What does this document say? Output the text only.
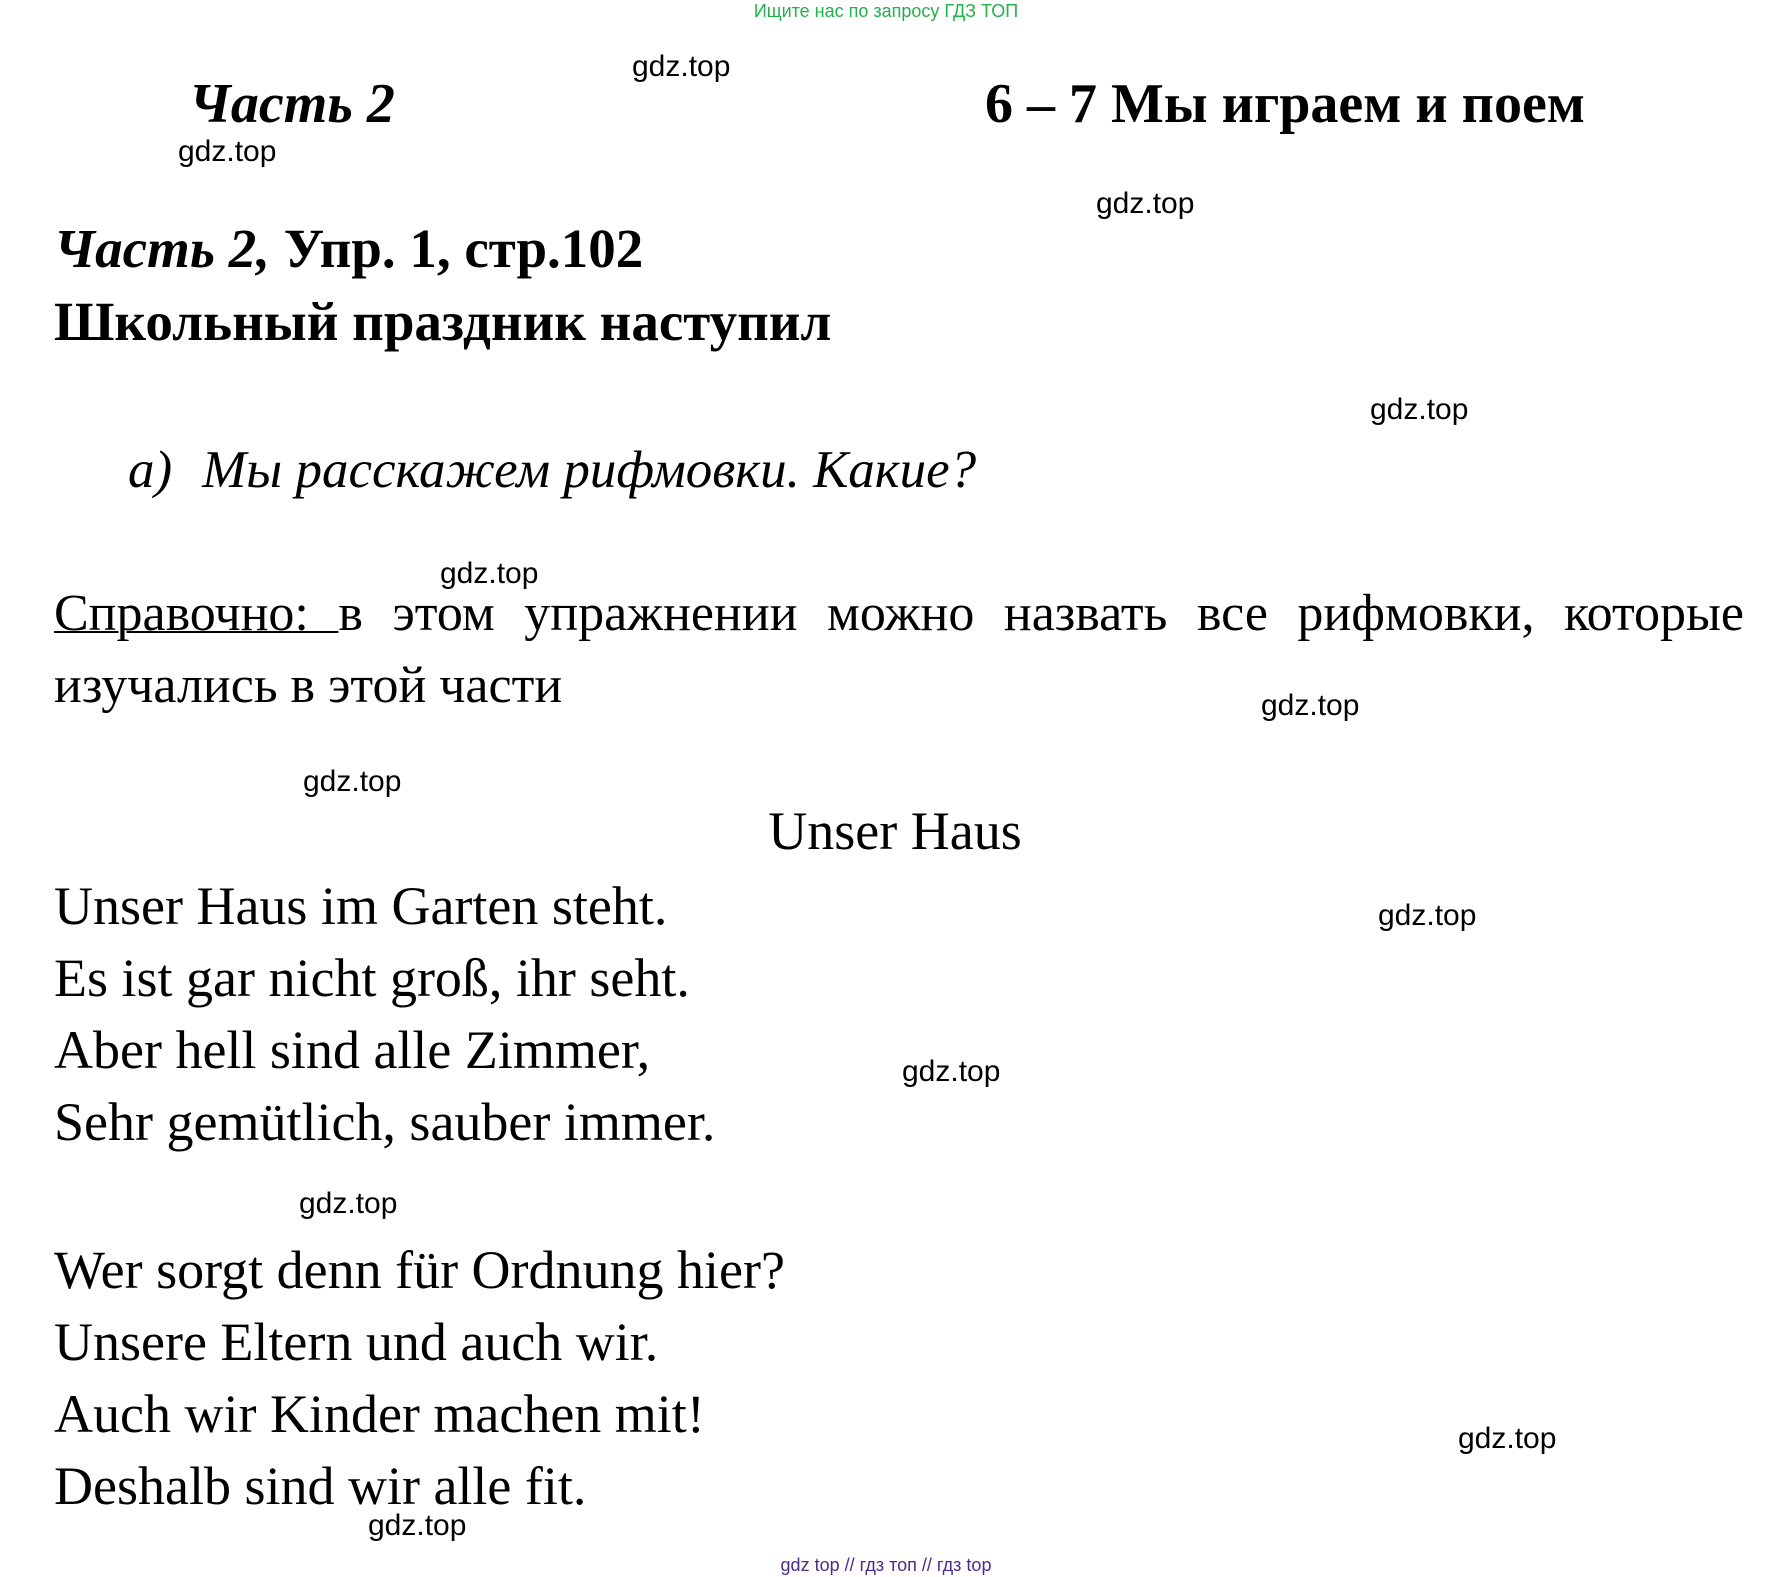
Ищите нас по запросу ГДЗ ТОП
Часть 2	6 – 7 Мы играем и поем
Часть 2, Упр. 1, стр.102
Школьный праздник наступил
а) Мы расскажем рифмовки. Какие?
Справочно: в этом упражнении можно назвать все рифмовки, которые изучались в этой части
Unser Haus
Unser Haus im Garten steht.
Es ist gar nicht groß, ihr seht.
Aber hell sind alle Zimmer,
Sehr gemütlich, sauber immer.
Wer sorgt denn für Ordnung hier?
Unsere Eltern und auch wir.
Auch wir Kinder machen mit!
Deshalb sind wir alle fit.
gdz.top
gdz.top
gdz.top
gdz.top
gdz.top
gdz.top
gdz.top
gdz.top
gdz.top
gdz.top
gdz.top
gdz.top
gdz top // гдз топ // гдз top
